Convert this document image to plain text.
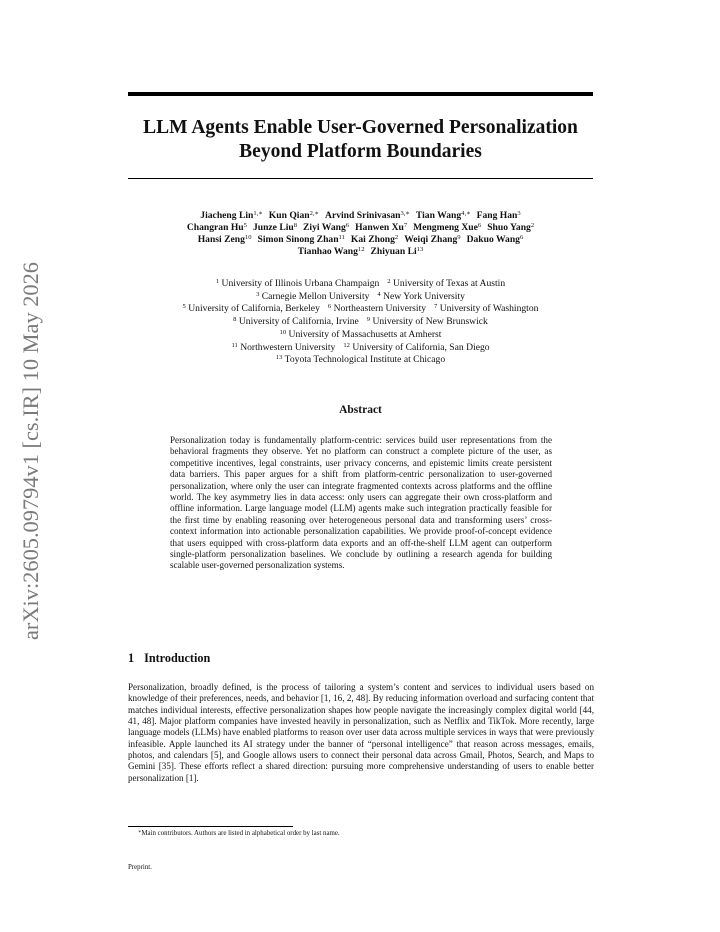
arXiv:2605.09794v1 [cs.IR] 10 May 2026
LLM Agents Enable User-Governed Personalization
Beyond Platform Boundaries
Jiacheng Lin$^{1,∗}$ Kun Qian$^{2,∗}$ Arvind Srinivasan$^{3,∗}$ Tian Wang$^{4,∗}$ Fang Han$^3$
Changran Hu$^5$ Junze Liu$^8$ Ziyi Wang$^6$ Hanwen Xu$^7$ Mengmeng Xue$^6$ Shuo Yang$^2$
Hansi Zeng$^{10}$ Simon Sinong Zhan$^{11}$ Kai Zhong$^2$ Weiqi Zhang$^9$ Dakuo Wang$^6$
Tianhao Wang$^{12}$ Zhiyuan Li$^{13}$
$^1$ University of Illinois Urbana Champaign $^2$ University of Texas at Austin
$^3$ Carnegie Mellon University $^4$ New York University
$^5$ University of California, Berkeley $^6$ Northeastern University $^7$ University of Washington
$^8$ University of California, Irvine $^9$ University of New Brunswick
$^{10}$ University of Massachusetts at Amherst
$^{11}$ Northwestern University $^{12}$ University of California, San Diego
$^{13}$ Toyota Technological Institute at Chicago
Abstract
Personalization today is fundamentally platform-centric: services build user representations from the behavioral fragments they observe. Yet no platform can construct a complete picture of the user, as competitive incentives, legal constraints, user privacy concerns, and epistemic limits create persistent data barriers. This paper argues for a shift from platform-centric personalization to user-governed personalization, where only the user can integrate fragmented contexts across platforms and the offline world. The key asymmetry lies in data access: only users can aggregate their own cross-platform and offline information. Large language model (LLM) agents make such integration practically feasible for the first time by enabling reasoning over heterogeneous personal data and transforming users’ cross-context information into actionable personalization capabilities. We provide proof-of-concept evidence that users equipped with cross-platform data exports and an off-the-shelf LLM agent can outperform single-platform personalization baselines. We conclude by outlining a research agenda for building scalable user-governed personalization systems.
1 Introduction
Personalization, broadly defined, is the process of tailoring a system’s content and services to individual users based on knowledge of their preferences, needs, and behavior [1, 16, 2, 48]. By reducing information overload and surfacing content that matches individual interests, effective personalization shapes how people navigate the increasingly complex digital world [44, 41, 48]. Major platform companies have invested heavily in personalization, such as Netflix and TikTok. More recently, large language models (LLMs) have enabled platforms to reason over user data across multiple services in ways that were previously infeasible. Apple launched its AI strategy under the banner of “personal intelligence” that reason across messages, emails, photos, and calendars [5], and Google allows users to connect their personal data across Gmail, Photos, Search, and Maps to Gemini [35]. These efforts reflect a shared direction: pursuing more comprehensive understanding of users to enable better personalization [1].
∗Main contributors. Authors are listed in alphabetical order by last name.
Preprint.
